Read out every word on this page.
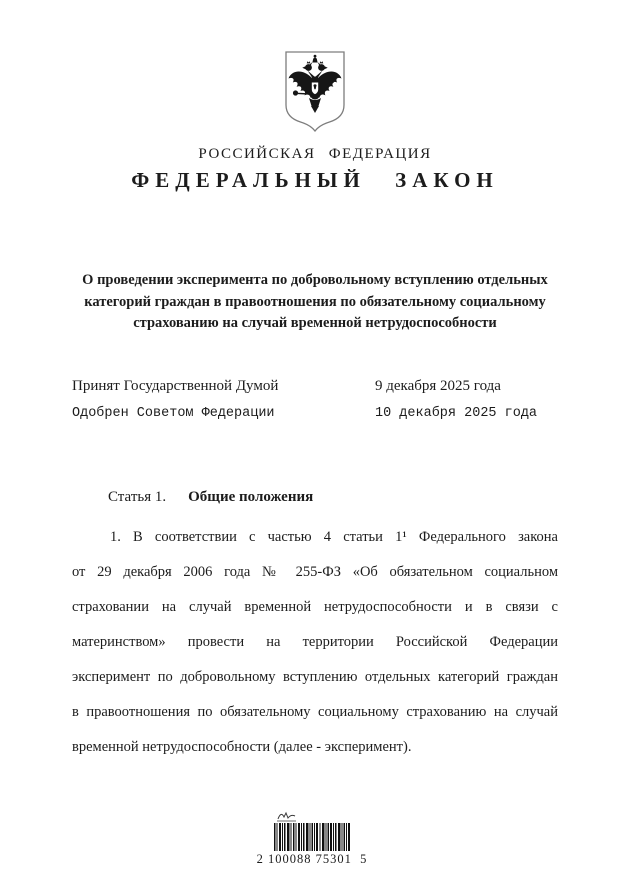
РОССИЙСКАЯ ФЕДЕРАЦИЯ
ФЕДЕРАЛЬНЫЙ ЗАКОН
О проведении эксперимента по добровольному вступлению отдельных
категорий граждан в правоотношения по обязательному социальному
страхованию на случай временной нетрудоспособности
Принят Государственной Думой	9 декабря 2025 года
Одобрен Советом Федерации	10 декабря 2025 года
Статья 1. Общие положения
1. В соответствии с частью 4 статьи 1¹ Федерального закона
от 29 декабря 2006 года № 255-ФЗ «Об обязательном социальном
страховании на случай временной нетрудоспособности и в связи с
материнством» провести на территории Российской Федерации
эксперимент по добровольному вступлению отдельных категорий граждан
в правоотношения по обязательному социальному страхованию на случай
временной нетрудоспособности (далее - эксперимент).
2 100088 75301  5
